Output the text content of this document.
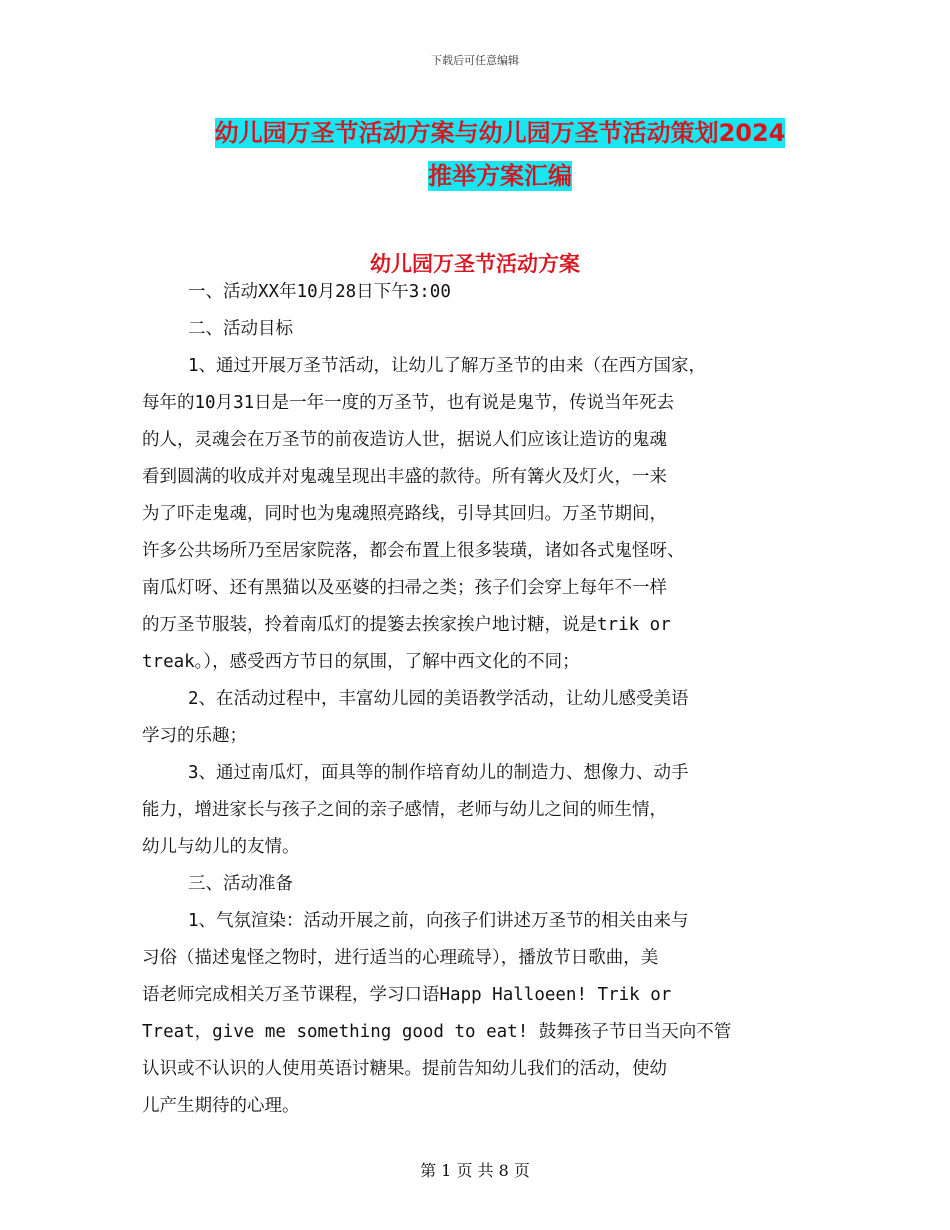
下载后可任意编辑
幼儿园万圣节活动方案与幼儿园万圣节活动策划2024
推举方案汇编
幼儿园万圣节活动方案
一、活动XX年10月28日下午3:00
二、活动目标
1、通过开展万圣节活动，让幼儿了解万圣节的由来（在西方国家，
每年的10月31日是一年一度的万圣节，也有说是鬼节，传说当年死去
的人，灵魂会在万圣节的前夜造访人世，据说人们应该让造访的鬼魂
看到圆满的收成并对鬼魂呈现出丰盛的款待。所有篝火及灯火，一来
为了吓走鬼魂，同时也为鬼魂照亮路线，引导其回归。万圣节期间，
许多公共场所乃至居家院落，都会布置上很多装璜，诸如各式鬼怪呀、
南瓜灯呀、还有黑猫以及巫婆的扫帚之类；孩子们会穿上每年不一样
的万圣节服装，拎着南瓜灯的提篓去挨家挨户地讨糖，说是trik or
treak。），感受西方节日的氛围，了解中西文化的不同；
2、在活动过程中，丰富幼儿园的美语教学活动，让幼儿感受美语
学习的乐趣；
3、通过南瓜灯，面具等的制作培育幼儿的制造力、想像力、动手
能力，增进家长与孩子之间的亲子感情，老师与幼儿之间的师生情，
幼儿与幼儿的友情。
三、活动准备
1、气氛渲染：活动开展之前，向孩子们讲述万圣节的相关由来与
习俗（描述鬼怪之物时，进行适当的心理疏导），播放节日歌曲，美
语老师完成相关万圣节课程，学习口语Happ Halloeen! Trik or
Treat，give me something good to eat! 鼓舞孩子节日当天向不管
认识或不认识的人使用英语讨糖果。提前告知幼儿我们的活动，使幼
儿产生期待的心理。
第 1 页 共 8 页
